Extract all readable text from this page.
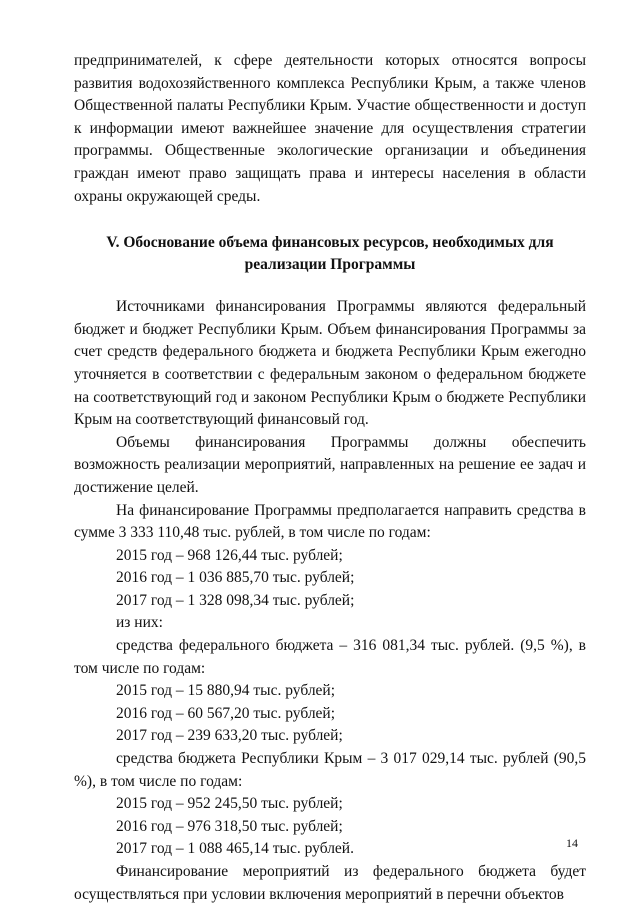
предпринимателей, к сфере деятельности которых относятся вопросы развития водохозяйственного комплекса Республики Крым, а также членов Общественной палаты Республики Крым. Участие общественности и доступ к информации имеют важнейшее значение для осуществления стратегии программы. Общественные экологические организации и объединения граждан имеют право защищать права и интересы населения в области охраны окружающей среды.

V. Обоснование объема финансовых ресурсов, необходимых для
реализации Программы

Источниками финансирования Программы являются федеральный бюджет и бюджет Республики Крым. Объем финансирования Программы за счет средств федерального бюджета и бюджета Республики Крым ежегодно уточняется в соответствии с федеральным законом о федеральном бюджете на соответствующий год и законом Республики Крым о бюджете Республики Крым на соответствующий финансовый год.

Объемы финансирования Программы должны обеспечить возможность реализации мероприятий, направленных на решение ее задач и достижение целей.

На финансирование Программы предполагается направить средства в сумме 3 333 110,48 тыс. рублей, в том числе по годам:

2015 год – 968 126,44 тыс. рублей;

2016 год – 1 036 885,70 тыс. рублей;

2017 год – 1 328 098,34 тыс. рублей;

из них:

средства федерального бюджета – 316 081,34 тыс. рублей. (9,5 %), в том числе по годам:

2015 год – 15 880,94 тыс. рублей;

2016 год – 60 567,20 тыс. рублей;

2017 год – 239 633,20 тыс. рублей;

средства бюджета Республики Крым – 3 017 029,14 тыс. рублей (90,5 %), в том числе по годам:

2015 год – 952 245,50 тыс. рублей;

2016 год – 976 318,50 тыс. рублей;

2017 год – 1 088 465,14 тыс. рублей.

Финансирование мероприятий из федерального бюджета будет осуществляться при условии включения мероприятий в перечни объектов

14
